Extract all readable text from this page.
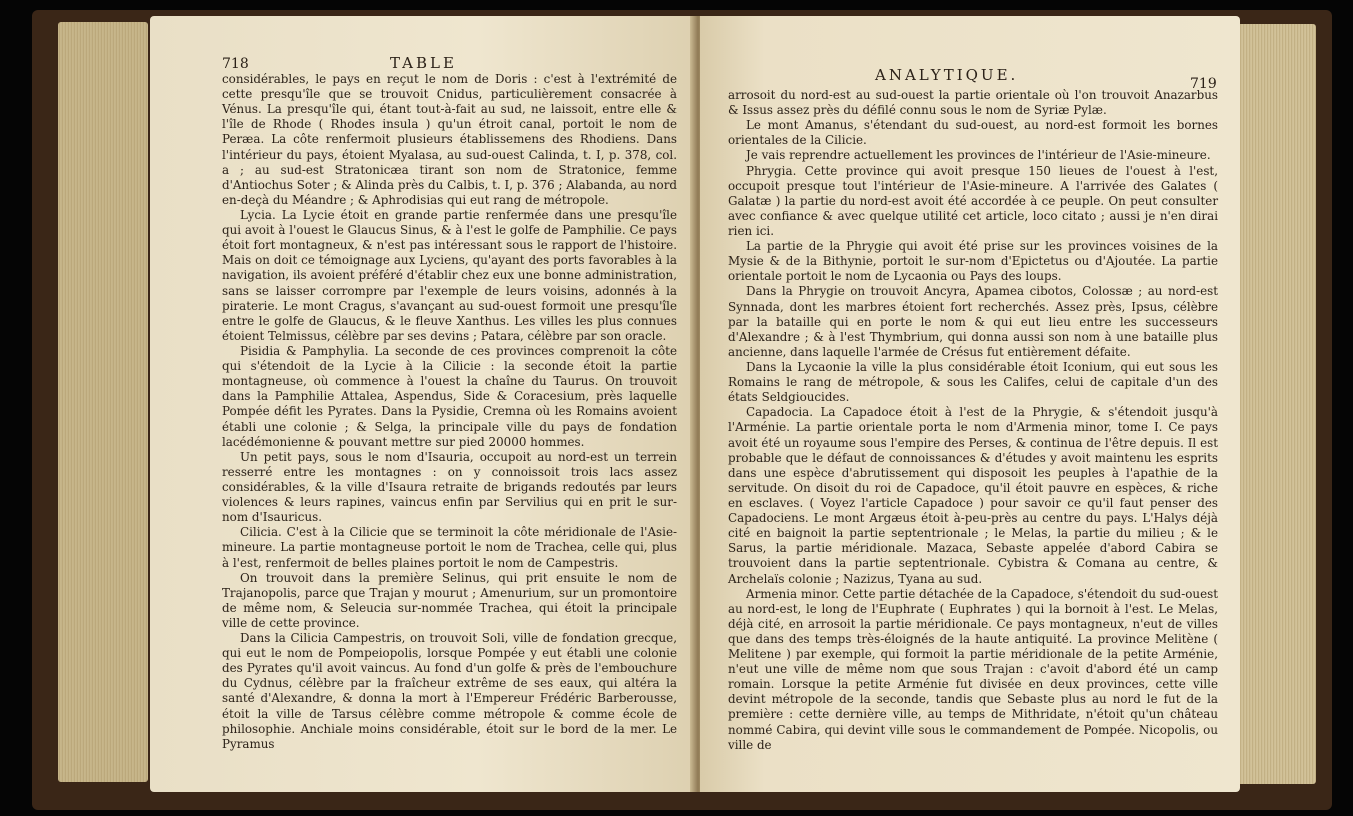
718	TABLE

considérables, le pays en reçut le nom de Doris : c'est à l'extrémité de cette presqu'île que se trouvoit Cnidus, particulièrement consacrée à Vénus. La presqu'île qui, étant tout-à-fait au sud, ne laissoit, entre elle & l'île de Rhode ( Rhodes insula ) qu'un étroit canal, portoit le nom de Peræa. La côte renfermoit plusieurs établissemens des Rhodiens. Dans l'intérieur du pays, étoient Myalasa, au sud-ouest Calinda, t. I, p. 378, col. a ; au sud-est Stratonicæa tirant son nom de Stratonice, femme d'Antiochus Soter ; & Alinda près du Calbis, t. I, p. 376 ; Alabanda, au nord en-deçà du Méandre ; & Aphrodisias qui eut rang de métropole.

Lycia. La Lycie étoit en grande partie renfermée dans une presqu'île qui avoit à l'ouest le Glaucus Sinus, & à l'est le golfe de Pamphilie. Ce pays étoit fort montagneux, & n'est pas intéressant sous le rapport de l'histoire. Mais on doit ce témoignage aux Lyciens, qu'ayant des ports favorables à la navigation, ils avoient préféré d'établir chez eux une bonne administration, sans se laisser corrompre par l'exemple de leurs voisins, adonnés à la piraterie. Le mont Cragus, s'avançant au sud-ouest formoit une presqu'île entre le golfe de Glaucus, & le fleuve Xanthus. Les villes les plus connues étoient Telmissus, célèbre par ses devins ; Patara, célèbre par son oracle.

Pisidia & Pamphylia. La seconde de ces provinces comprenoit la côte qui s'étendoit de la Lycie à la Cilicie : la seconde étoit la partie montagneuse, où commence à l'ouest la chaîne du Taurus. On trouvoit dans la Pamphilie Attalea, Aspendus, Side & Coracesium, près laquelle Pompée défit les Pyrates. Dans la Pysidie, Cremna où les Romains avoient établi une colonie ; & Selga, la principale ville du pays de fondation lacédémonienne & pouvant mettre sur pied 20000 hommes.

Un petit pays, sous le nom d'Isauria, occupoit au nord-est un terrein resserré entre les montagnes : on y connoissoit trois lacs assez considérables, & la ville d'Isaura retraite de brigands redoutés par leurs violences & leurs rapines, vaincus enfin par Servilius qui en prit le sur-nom d'Isauricus.

Cilicia. C'est à la Cilicie que se terminoit la côte méridionale de l'Asie-mineure. La partie montagneuse portoit le nom de Trachea, celle qui, plus à l'est, renfermoit de belles plaines portoit le nom de Campestris.

On trouvoit dans la première Selinus, qui prit ensuite le nom de Trajanopolis, parce que Trajan y mourut ; Amenurium, sur un promontoire de même nom, & Seleucia sur-nommée Trachea, qui étoit la principale ville de cette province.

Dans la Cilicia Campestris, on trouvoit Soli, ville de fondation grecque, qui eut le nom de Pompeiopolis, lorsque Pompée y eut établi une colonie des Pyrates qu'il avoit vaincus. Au fond d'un golfe & près de l'embouchure du Cydnus, célèbre par la fraîcheur extrême de ses eaux, qui altéra la santé d'Alexandre, & donna la mort à l'Empereur Frédéric Barberousse, étoit la ville de Tarsus célèbre comme métropole & comme école de philosophie. Anchiale moins considérable, étoit sur le bord de la mer. Le Pyramus

ANALYTIQUE.	719

arrosoit du nord-est au sud-ouest la partie orientale où l'on trouvoit Anazarbus & Issus assez près du défilé connu sous le nom de Syriæ Pylæ.

Le mont Amanus, s'étendant du sud-ouest, au nord-est formoit les bornes orientales de la Cilicie.

Je vais reprendre actuellement les provinces de l'intérieur de l'Asie-mineure.

Phrygia. Cette province qui avoit presque 150 lieues de l'ouest à l'est, occupoit presque tout l'intérieur de l'Asie-mineure. A l'arrivée des Galates ( Galatæ ) la partie du nord-est avoit été accordée à ce peuple. On peut consulter avec confiance & avec quelque utilité cet article, loco citato ; aussi je n'en dirai rien ici.

La partie de la Phrygie qui avoit été prise sur les provinces voisines de la Mysie & de la Bithynie, portoit le sur-nom d'Epictetus ou d'Ajoutée. La partie orientale portoit le nom de Lycaonia ou Pays des loups.

Dans la Phrygie on trouvoit Ancyra, Apamea cibotos, Colossæ ; au nord-est Synnada, dont les marbres étoient fort recherchés. Assez près, Ipsus, célèbre par la bataille qui en porte le nom & qui eut lieu entre les successeurs d'Alexandre ; & à l'est Thymbrium, qui donna aussi son nom à une bataille plus ancienne, dans laquelle l'armée de Crésus fut entièrement défaite.

Dans la Lycaonie la ville la plus considérable étoit Iconium, qui eut sous les Romains le rang de métropole, & sous les Califes, celui de capitale d'un des états Seldgioucides.

Capadocia. La Capadoce étoit à l'est de la Phrygie, & s'étendoit jusqu'à l'Arménie. La partie orientale porta le nom d'Armenia minor, tome I. Ce pays avoit été un royaume sous l'empire des Perses, & continua de l'être depuis. Il est probable que le défaut de connoissances & d'études y avoit maintenu les esprits dans une espèce d'abrutissement qui disposoit les peuples à l'apathie de la servitude. On disoit du roi de Capadoce, qu'il étoit pauvre en espèces, & riche en esclaves. ( Voyez l'article Capadoce ) pour savoir ce qu'il faut penser des Capadociens. Le mont Argæus étoit à-peu-près au centre du pays. L'Halys déjà cité en baignoit la partie septentrionale ; le Melas, la partie du milieu ; & le Sarus, la partie méridionale. Mazaca, Sebaste appelée d'abord Cabira se trouvoient dans la partie septentrionale. Cybistra & Comana au centre, & Archelaïs colonie ; Nazizus, Tyana au sud.

Armenia minor. Cette partie détachée de la Capadoce, s'étendoit du sud-ouest au nord-est, le long de l'Euphrate ( Euphrates ) qui la bornoit à l'est. Le Melas, déjà cité, en arrosoit la partie méridionale. Ce pays montagneux, n'eut de villes que dans des temps très-éloignés de la haute antiquité. La province Melitène ( Melitene ) par exemple, qui formoit la partie méridionale de la petite Arménie, n'eut une ville de même nom que sous Trajan : c'avoit d'abord été un camp romain. Lorsque la petite Arménie fut divisée en deux provinces, cette ville devint métropole de la seconde, tandis que Sebaste plus au nord le fut de la première : cette dernière ville, au temps de Mithridate, n'étoit qu'un château nommé Cabira, qui devint ville sous le commandement de Pompée. Nicopolis, ou ville de
